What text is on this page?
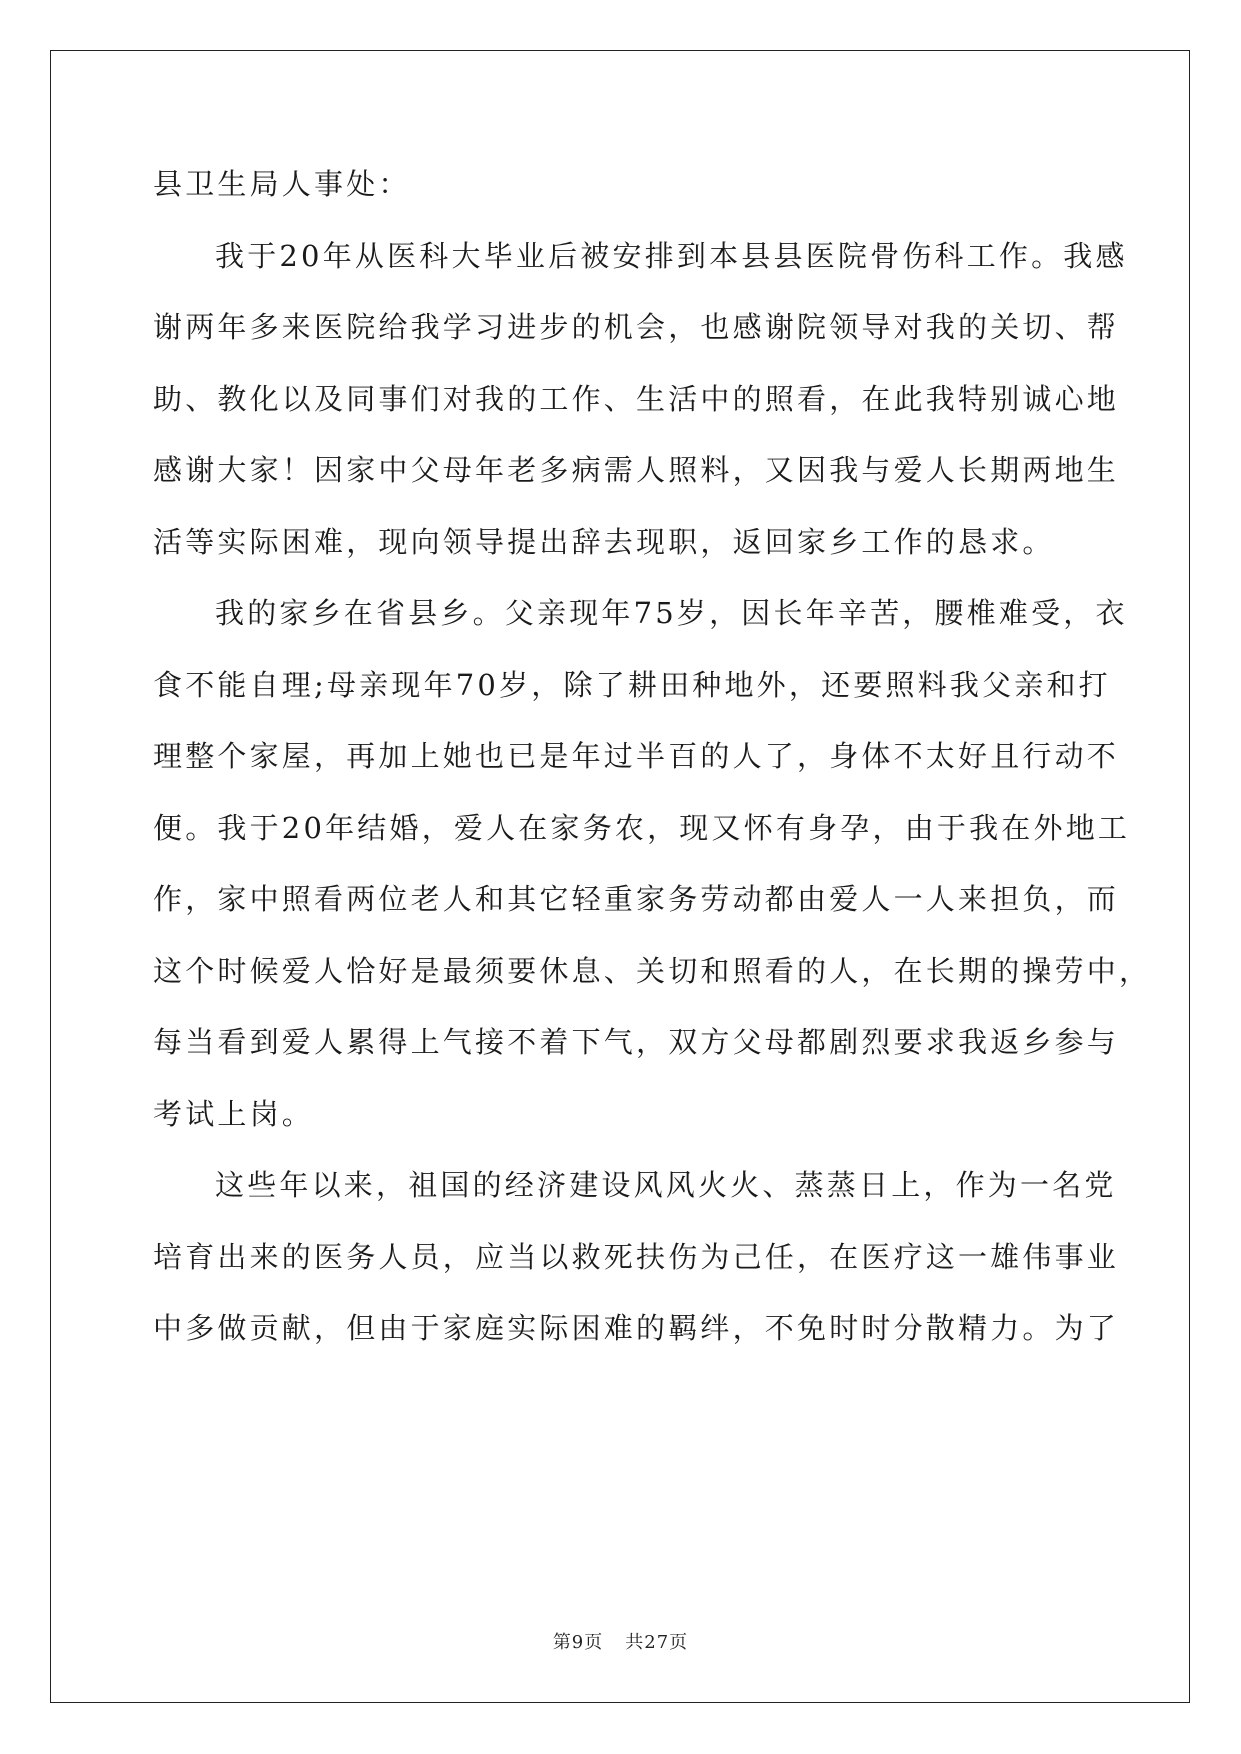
县卫生局人事处：
我于20年从医科大毕业后被安排到本县县医院骨伤科工作。我感
谢两年多来医院给我学习进步的机会，也感谢院领导对我的关切、帮
助、教化以及同事们对我的工作、生活中的照看，在此我特别诚心地
感谢大家！因家中父母年老多病需人照料，又因我与爱人长期两地生
活等实际困难，现向领导提出辞去现职，返回家乡工作的恳求。
我的家乡在省县乡。父亲现年75岁，因长年辛苦，腰椎难受，衣
食不能自理;母亲现年70岁，除了耕田种地外，还要照料我父亲和打
理整个家屋，再加上她也已是年过半百的人了，身体不太好且行动不
便。我于20年结婚，爱人在家务农，现又怀有身孕，由于我在外地工
作，家中照看两位老人和其它轻重家务劳动都由爱人一人来担负，而
这个时候爱人恰好是最须要休息、关切和照看的人，在长期的操劳中，
每当看到爱人累得上气接不着下气，双方父母都剧烈要求我返乡参与
考试上岗。
这些年以来，祖国的经济建设风风火火、蒸蒸日上，作为一名党
培育出来的医务人员，应当以救死扶伤为己任，在医疗这一雄伟事业
中多做贡献，但由于家庭实际困难的羁绊，不免时时分散精力。为了
第9页 共27页
